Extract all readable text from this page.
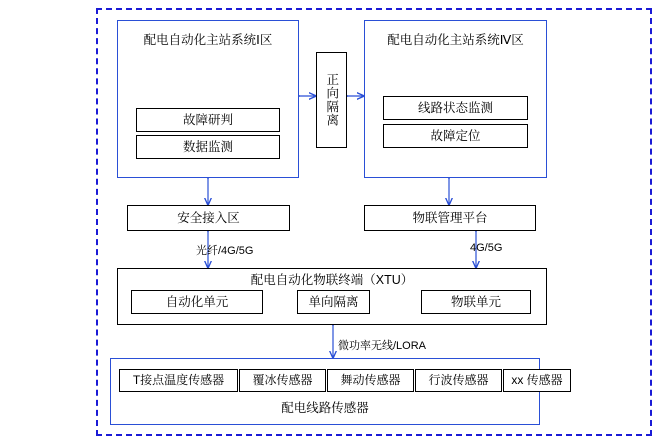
配电自动化主站系统Ⅰ区
故障研判
数据监测
正向隔离
配电自动化主站系统Ⅳ区
线路状态监测
故障定位
安全接入区	物联管理平台
光纤/4G/5G	4G/5G
配电自动化物联终端（XTU）
自动化单元	单向隔离	物联单元
微功率无线/LORA
T接点温度传感器	覆冰传感器	舞动传感器	行波传感器	xx 传感器
配电线路传感器
